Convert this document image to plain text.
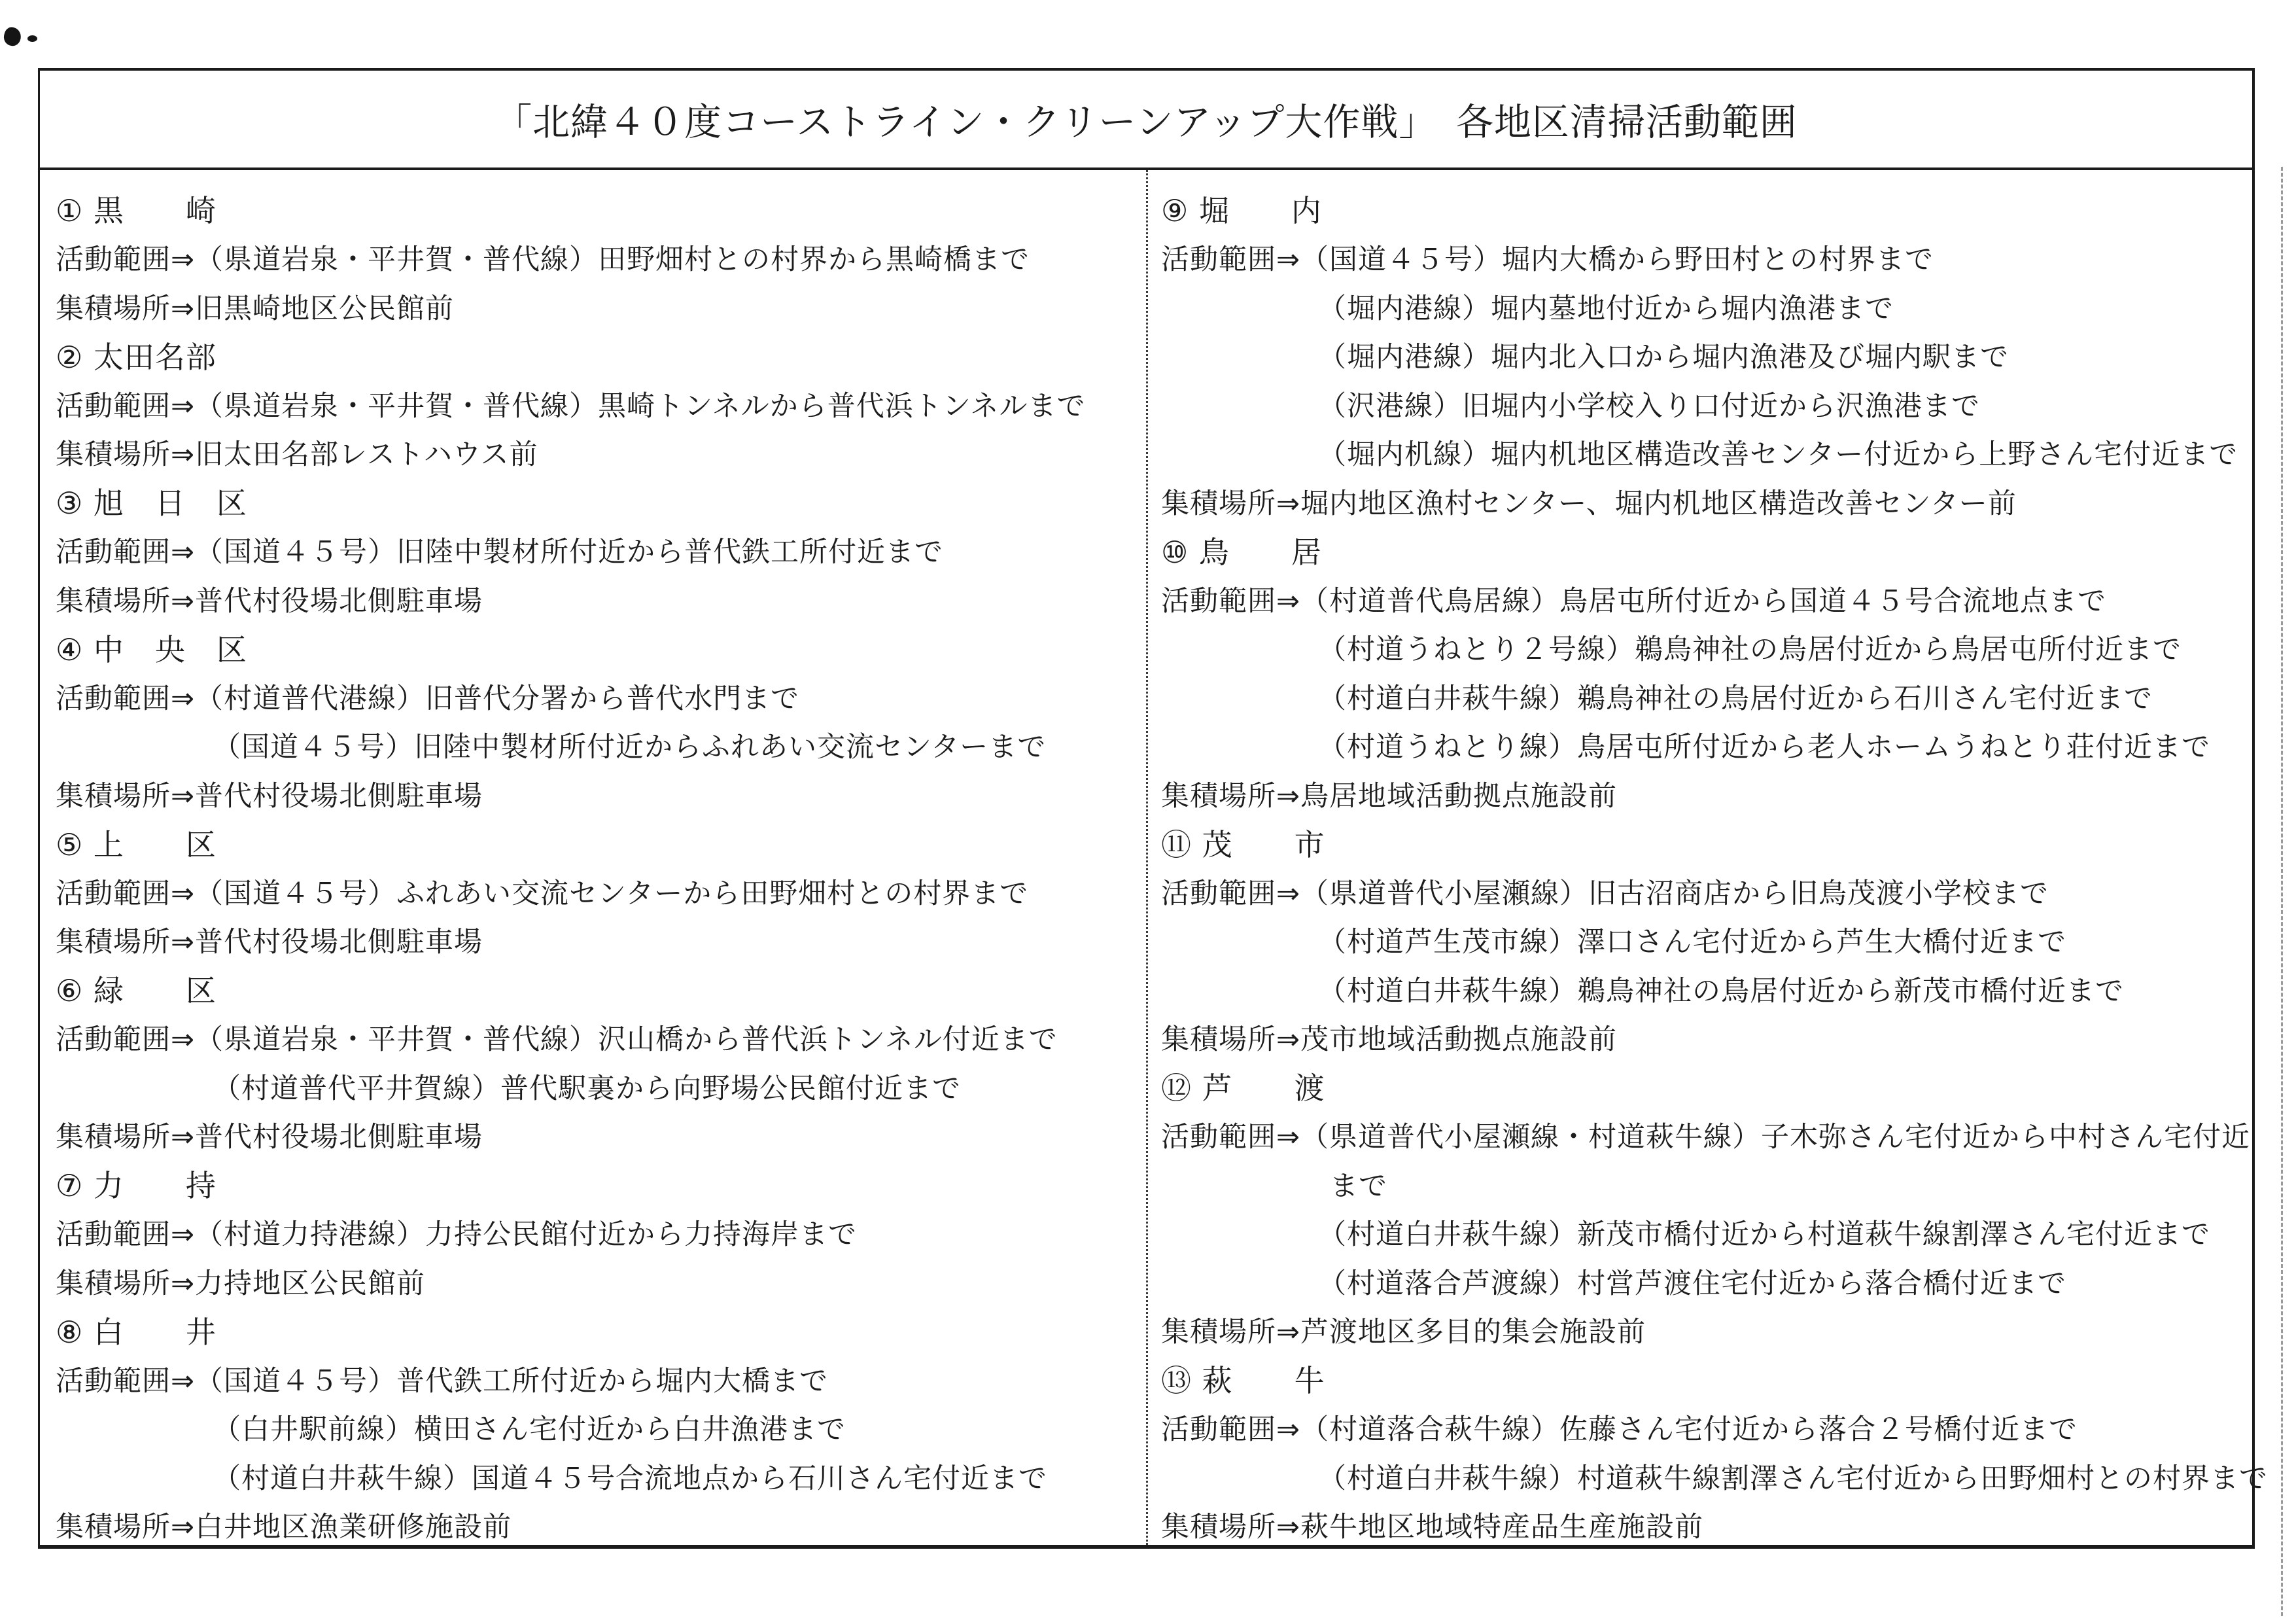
「北緯４０度コーストライン・クリーンアップ大作戦」　各地区清掃活動範囲
① 黒　　崎
活動範囲⇒（県道岩泉・平井賀・普代線）田野畑村との村界から黒崎橋まで
集積場所⇒旧黒崎地区公民館前
② 太田名部
活動範囲⇒（県道岩泉・平井賀・普代線）黒崎トンネルから普代浜トンネルまで
集積場所⇒旧太田名部レストハウス前
③ 旭　日　区
活動範囲⇒（国道４５号）旧陸中製材所付近から普代鉄工所付近まで
集積場所⇒普代村役場北側駐車場
④ 中　央　区
活動範囲⇒（村道普代港線）旧普代分署から普代水門まで
（国道４５号）旧陸中製材所付近からふれあい交流センターまで
集積場所⇒普代村役場北側駐車場
⑤ 上　　区
活動範囲⇒（国道４５号）ふれあい交流センターから田野畑村との村界まで
集積場所⇒普代村役場北側駐車場
⑥ 緑　　区
活動範囲⇒（県道岩泉・平井賀・普代線）沢山橋から普代浜トンネル付近まで
（村道普代平井賀線）普代駅裏から向野場公民館付近まで
集積場所⇒普代村役場北側駐車場
⑦ 力　　持
活動範囲⇒（村道力持港線）力持公民館付近から力持海岸まで
集積場所⇒力持地区公民館前
⑧ 白　　井
活動範囲⇒（国道４５号）普代鉄工所付近から堀内大橋まで
（白井駅前線）横田さん宅付近から白井漁港まで
（村道白井萩牛線）国道４５号合流地点から石川さん宅付近まで
集積場所⇒白井地区漁業研修施設前
⑨ 堀　　内
活動範囲⇒（国道４５号）堀内大橋から野田村との村界まで
（堀内港線）堀内墓地付近から堀内漁港まで
（堀内港線）堀内北入口から堀内漁港及び堀内駅まで
（沢港線）旧堀内小学校入り口付近から沢漁港まで
（堀内机線）堀内机地区構造改善センター付近から上野さん宅付近まで
集積場所⇒堀内地区漁村センター、堀内机地区構造改善センター前
⑩ 鳥　　居
活動範囲⇒（村道普代鳥居線）鳥居屯所付近から国道４５号合流地点まで
（村道うねとり２号線）鵜鳥神社の鳥居付近から鳥居屯所付近まで
（村道白井萩牛線）鵜鳥神社の鳥居付近から石川さん宅付近まで
（村道うねとり線）鳥居屯所付近から老人ホームうねとり荘付近まで
集積場所⇒鳥居地域活動拠点施設前
⑪ 茂　　市
活動範囲⇒（県道普代小屋瀬線）旧古沼商店から旧鳥茂渡小学校まで
（村道芦生茂市線）澤口さん宅付近から芦生大橋付近まで
（村道白井萩牛線）鵜鳥神社の鳥居付近から新茂市橋付近まで
集積場所⇒茂市地域活動拠点施設前
⑫ 芦　　渡
活動範囲⇒（県道普代小屋瀬線・村道萩牛線）子木弥さん宅付近から中村さん宅付近
まで
（村道白井萩牛線）新茂市橋付近から村道萩牛線割澤さん宅付近まで
（村道落合芦渡線）村営芦渡住宅付近から落合橋付近まで
集積場所⇒芦渡地区多目的集会施設前
⑬ 萩　　牛
活動範囲⇒（村道落合萩牛線）佐藤さん宅付近から落合２号橋付近まで
（村道白井萩牛線）村道萩牛線割澤さん宅付近から田野畑村との村界まで
集積場所⇒萩牛地区地域特産品生産施設前
